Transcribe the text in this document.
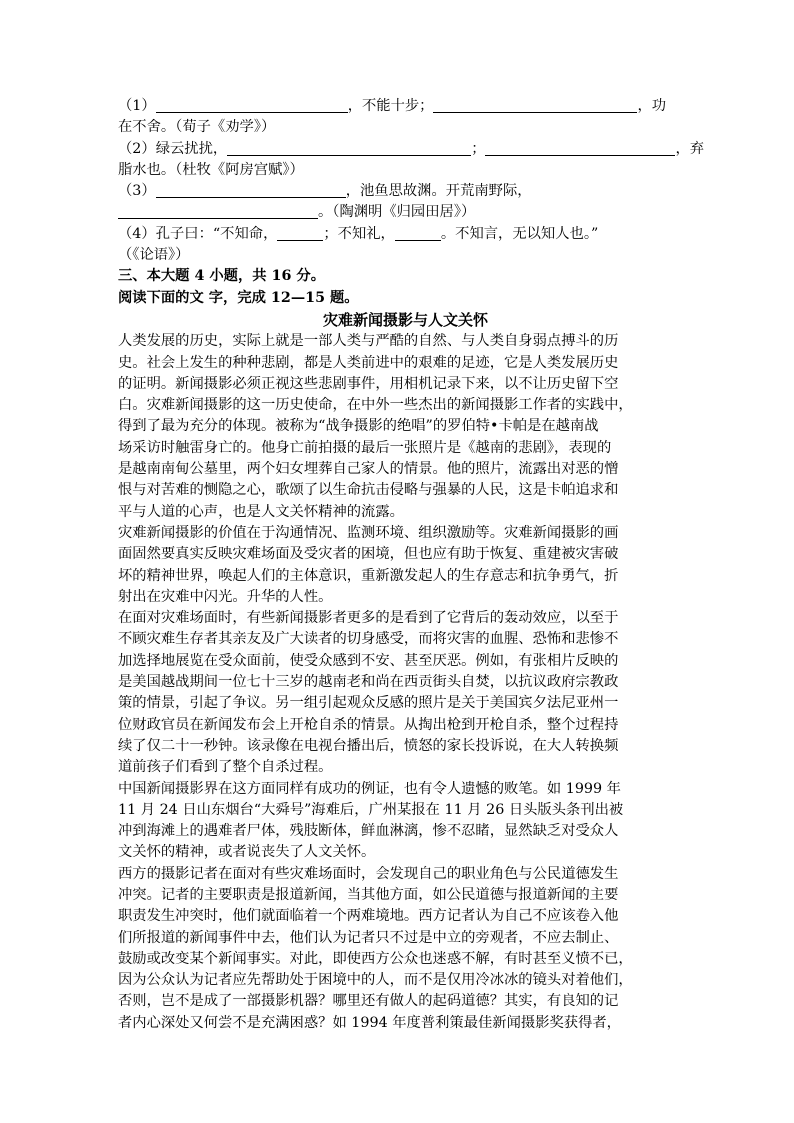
（1）	，不能十步；	，功
在不舍。（荀子《劝学》）
（2）绿云扰扰，	；	，弃
脂水也。（杜牧《阿房宫赋》）
（3）	，池鱼思故渊。开荒南野际，
。（陶渊明《归园田居》）
（4）孔子曰：“不知命，	；不知礼，	。不知言，无以知人也。”
（《论语》）
三、本大题 4 小题，共 16 分。
阅读下面的文 字，完成 12—15 题。
灾难新闻摄影与人文关怀
人类发展的历史，实际上就是一部人类与严酷的自然、与人类自身弱点搏斗的历
史。社会上发生的种种悲剧，都是人类前进中的艰难的足迹，它是人类发展历史
的证明。新闻摄影必须正视这些悲剧事件，用相机记录下来，以不让历史留下空
白。灾难新闻摄影的这一历史使命，在中外一些杰出的新闻摄影工作者的实践中，
得到了最为充分的体现。被称为“战争摄影的绝唱”的罗伯特•卡帕是在越南战
场采访时触雷身亡的。他身亡前拍摄的最后一张照片是《越南的悲剧》，表现的
是越南南甸公墓里，两个妇女埋葬自己家人的情景。他的照片，流露出对恶的憎
恨与对苦难的恻隐之心，歌颂了以生命抗击侵略与强暴的人民，这是卡帕追求和
平与人道的心声，也是人文关怀精神的流露。
灾难新闻摄影的价值在于沟通情况、监测环境、组织激励等。灾难新闻摄影的画
面固然要真实反映灾难场面及受灾者的困境，但也应有助于恢复、重建被灾害破
坏的精神世界，唤起人们的主体意识，重新激发起人的生存意志和抗争勇气，折
射出在灾难中闪光。升华的人性。
在面对灾难场面时，有些新闻摄影者更多的是看到了它背后的轰动效应，以至于
不顾灾难生存者其亲友及广大读者的切身感受，而将灾害的血腥、恐怖和悲惨不
加选择地展览在受众面前，使受众感到不安、甚至厌恶。例如，有张相片反映的
是美国越战期间一位七十三岁的越南老和尚在西贡街头自焚，以抗议政府宗教政
策的情景，引起了争议。另一组引起观众反感的照片是关于美国宾夕法尼亚州一
位财政官员在新闻发布会上开枪自杀的情景。从掏出枪到开枪自杀，整个过程持
续了仅二十一秒钟。该录像在电视台播出后，愤怒的家长投诉说，在大人转换频
道前孩子们看到了整个自杀过程。
中国新闻摄影界在这方面同样有成功的例证，也有令人遗憾的败笔。如 1999 年
11 月 24 日山东烟台“大舜号”海难后，广州某报在 11 月 26 日头版头条刊出被
冲到海滩上的遇难者尸体，残肢断体，鲜血淋漓，惨不忍睹，显然缺乏对受众人
文关怀的精神，或者说丧失了人文关怀。
西方的摄影记者在面对有些灾难场面时，会发现自己的职业角色与公民道德发生
冲突。记者的主要职责是报道新闻，当其他方面，如公民道德与报道新闻的主要
职责发生冲突时，他们就面临着一个两难境地。西方记者认为自己不应该卷入他
们所报道的新闻事件中去，他们认为记者只不过是中立的旁观者，不应去制止、
鼓励或改变某个新闻事实。对此，即使西方公众也迷惑不解，有时甚至义愤不已，
因为公众认为记者应先帮助处于困境中的人，而不是仅用冷冰冰的镜头对着他们，
否则，岂不是成了一部摄影机器？哪里还有做人的起码道德？其实，有良知的记
者内心深处又何尝不是充满困惑？如 1994 年度普利策最佳新闻摄影奖获得者，
